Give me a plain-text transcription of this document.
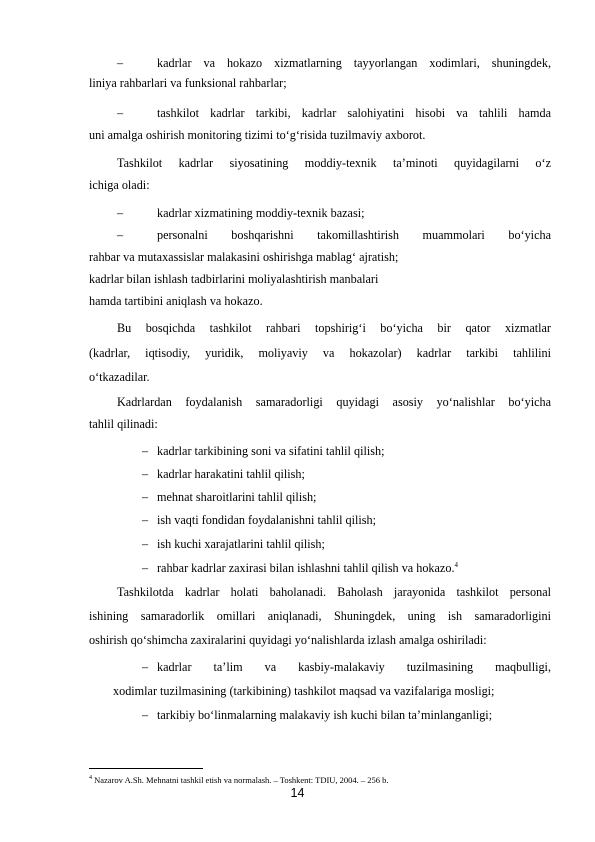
–	kadrlar va hokazo xizmatlarning tayyorlangan xodimlari, shuningdek,
liniya rahbarlari va funksional rahbarlar;
–	tashkilot kadrlar tarkibi, kadrlar salohiyatini hisobi va tahlili hamda
uni amalga oshirish monitoring tizimi to‘g‘risida tuzilmaviy axborot.
Tashkilot kadrlar siyosatining moddiy-texnik ta’minoti quyidagilarni o‘z
ichiga oladi:
–	kadrlar xizmatining moddiy-texnik bazasi;
–	personalni boshqarishni takomillashtirish muammolari bo‘yicha
rahbar va mutaxassislar malakasini oshirishga mablag‘ ajratish;
kadrlar bilan ishlash tadbirlarini moliyalashtirish manbalari
hamda tartibini aniqlash va hokazo.
Bu bosqichda tashkilot rahbari topshirig‘i bo‘yicha bir qator xizmatlar
(kadrlar, iqtisodiy, yuridik, moliyaviy va hokazolar) kadrlar tarkibi tahlilini
o‘tkazadilar.
Kadrlardan foydalanish samaradorligi quyidagi asosiy yo‘nalishlar bo‘yicha
tahlil qilinadi:
– kadrlar tarkibining soni va sifatini tahlil qilish;
– kadrlar harakatini tahlil qilish;
– mehnat sharoitlarini tahlil qilish;
– ish vaqti fondidan foydalanishni tahlil qilish;
– ish kuchi xarajatlarini tahlil qilish;
– rahbar kadrlar zaxirasi bilan ishlashni tahlil qilish va hokazo.$^4$
Tashkilotda kadrlar holati baholanadi. Baholash jarayonida tashkilot personal
ishining samaradorlik omillari aniqlanadi, Shuningdek, uning ish samaradorligini
oshirish qo‘shimcha zaxiralarini quyidagi yo‘nalishlarda izlash amalga oshiriladi:
– kadrlar ta’lim va kasbiy-malakaviy tuzilmasining maqbulligi,
xodimlar tuzilmasining (tarkibining) tashkilot maqsad va vazifalariga mosligi;
– tarkibiy bo‘linmalarning malakaviy ish kuchi bilan ta’minlanganligi;
$^4$ Nazarov A.Sh. Mehnatni tashkil etish va normalash. – Toshkent: TDIU, 2004. – 256 b.
14
